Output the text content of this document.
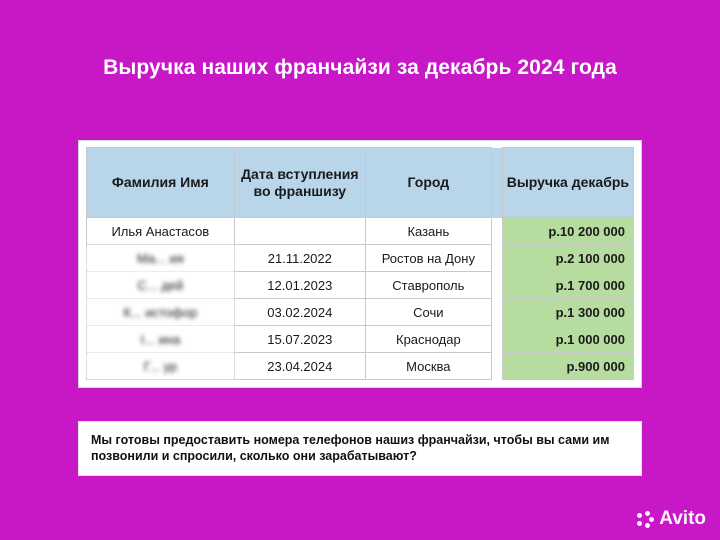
Выручка наших франчайзи за декабрь 2024 года
Фамилия Имя	Дата вступления во франшизу	Город		Выручка декабрь
Илья Анастасов		Казань		р.10 200 000
Ма... ия	21.11.2022	Ростов на Дону		р.2 100 000
С... дей	12.01.2023	Ставрополь		р.1 700 000
К... истофор	03.02.2024	Сочи		р.1 300 000
І... ина	15.07.2023	Краснодар		р.1 000 000
Г... ур	23.04.2024	Москва		р.900 000
Мы готовы предоставить номера телефонов нашиз франчайзи, чтобы вы сами им позвонили и спросили, сколько они зарабатывают?
Avito
